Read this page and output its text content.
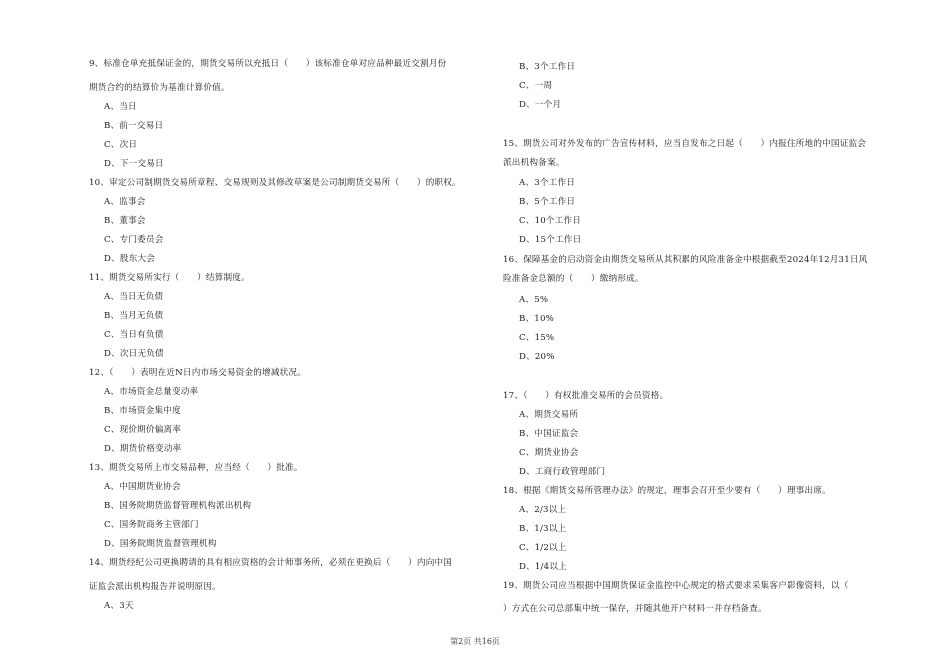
9、标准仓单充抵保证金的，期货交易所以充抵日（　　）该标准仓单对应品种最近交割月份
期货合约的结算价为基准计算价值。
A、当日
B、前一交易日
C、次日
D、下一交易日
10、审定公司制期货交易所章程、交易规则及其修改草案是公司制期货交易所（　　）的职权。
A、监事会
B、董事会
C、专门委员会
D、股东大会
11、期货交易所实行（　　）结算制度。
A、当日无负债
B、当月无负债
C、当日有负债
D、次日无负债
12、（　　）表明在近N日内市场交易资金的增减状况。
A、市场资金总量变动率
B、市场资金集中度
C、现价期价偏离率
D、期货价格变动率
13、期货交易所上市交易品种，应当经（　　）批准。
A、中国期货业协会
B、国务院期货监督管理机构派出机构
C、国务院商务主管部门
D、国务院期货监督管理机构
14、期货经纪公司更换聘请的具有相应资格的会计师事务所，必须在更换后（　　）内向中国
证监会派出机构报告并说明原因。
A、3天
B、3个工作日
C、一周
D、一个月
15、期货公司对外发布的广告宣传材料，应当自发布之日起（　　）内报住所地的中国证监会
派出机构备案。
A、3个工作日
B、5个工作日
C、10个工作日
D、15个工作日
16、保障基金的启动资金由期货交易所从其积累的风险准备金中根据截至2024年12月31日风
险准备金总额的（　　）缴纳形成。
A、5%
B、10%
C、15%
D、20%
17、（　　）有权批准交易所的会员资格。
A、期货交易所
B、中国证监会
C、期货业协会
D、工商行政管理部门
18、根据《期货交易所管理办法》的规定，理事会召开至少要有（　　）理事出席。
A、2/3以上
B、1/3以上
C、1/2以上
D、1/4以上
19、期货公司应当根据中国期货保证金监控中心规定的格式要求采集客户影像资料，以（
）方式在公司总部集中统一保存，并随其他开户材料一并存档备查。
第2页 共16页
